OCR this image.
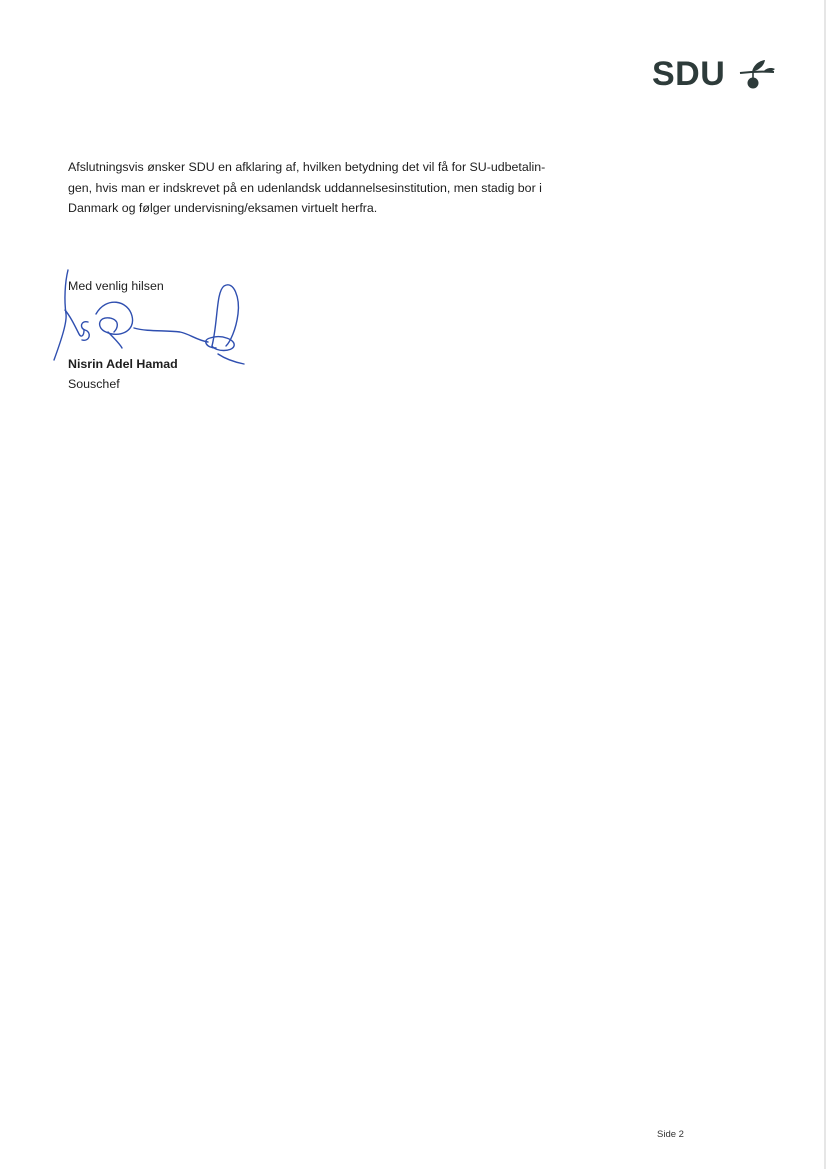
SDU

Afslutningsvis ønsker SDU en afklaring af, hvilken betydning det vil få for SU-udbetalin-

gen, hvis man er indskrevet på en udenlandsk uddannelsesinstitution, men stadig bor i

Danmark og følger undervisning/eksamen virtuelt herfra.

Med venlig hilsen
Nisrin Adel Hamad
Souschef
Side 2
